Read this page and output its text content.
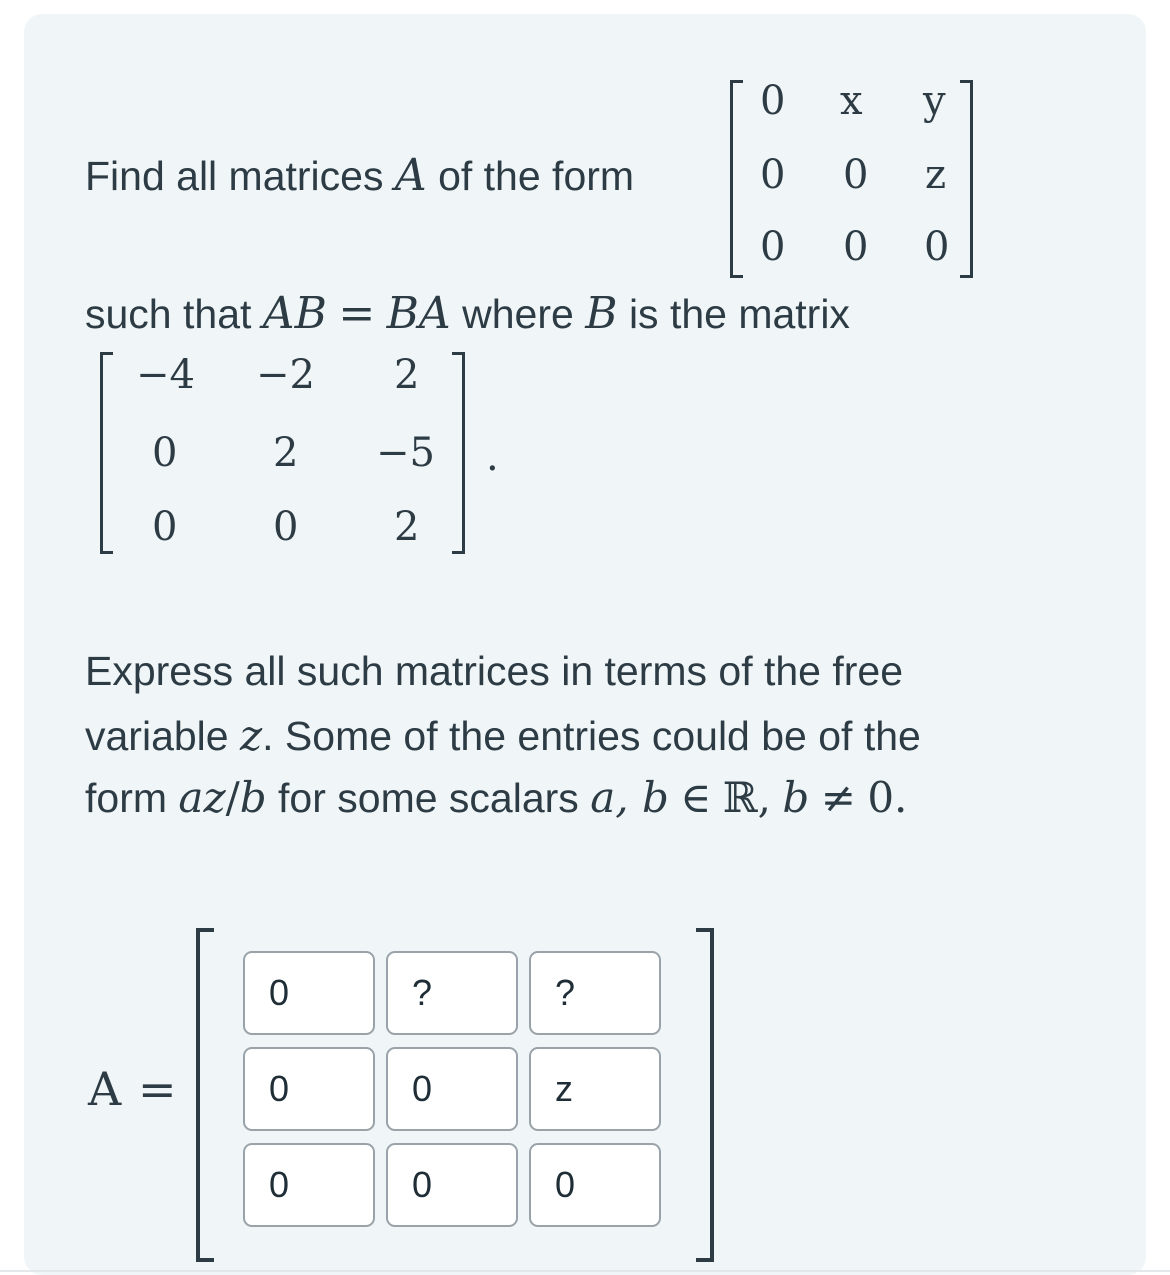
Find all matrices A of the form
0 x y
0 0 z
0 0 0
such that AB = BA where B is the matrix
−4 −2 2
0 2 −5
0 0 2
.
Express all such matrices in terms of the free
variable z. Some of the entries could be of the
form az/b for some scalars a, b ∈ ℝ, b ≠ 0.
A =
0
?
?
0
0
z
0
0
0
